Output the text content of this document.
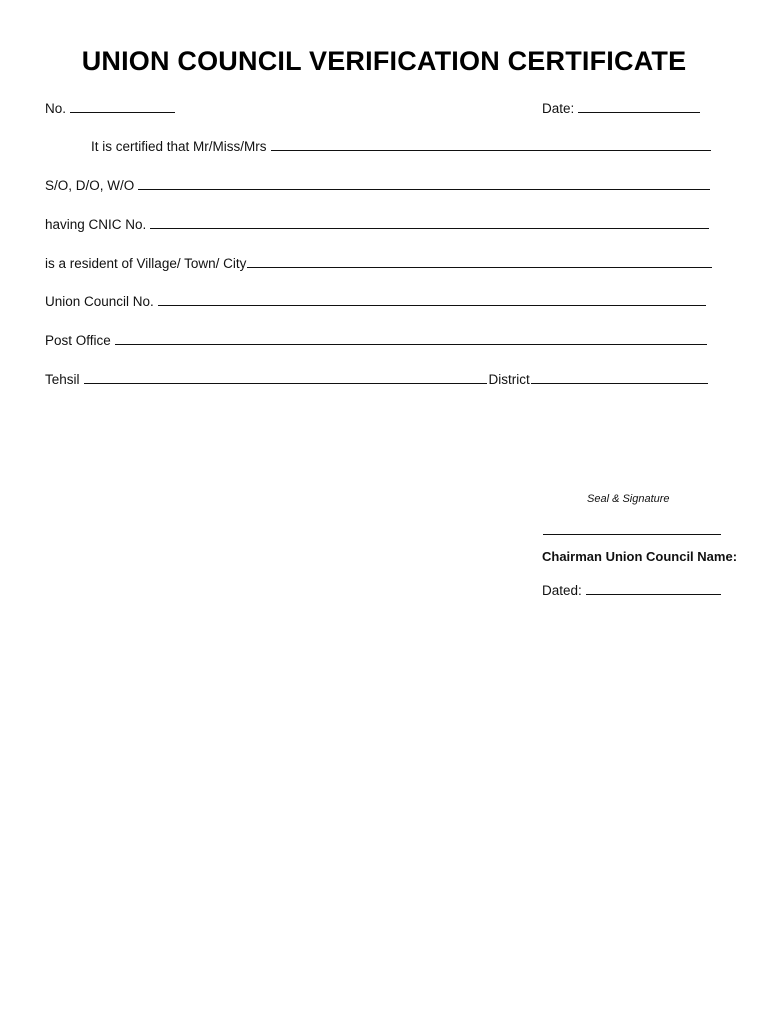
UNION COUNCIL VERIFICATION CERTIFICATE
No.	Date:
It is certified that Mr/Miss/Mrs
S/O, D/O, W/O
having CNIC No.
is a resident of Village/ Town/ City
Union Council No.
Post Office
Tehsil	District
Seal & Signature
Chairman Union Council Name:
Dated:
